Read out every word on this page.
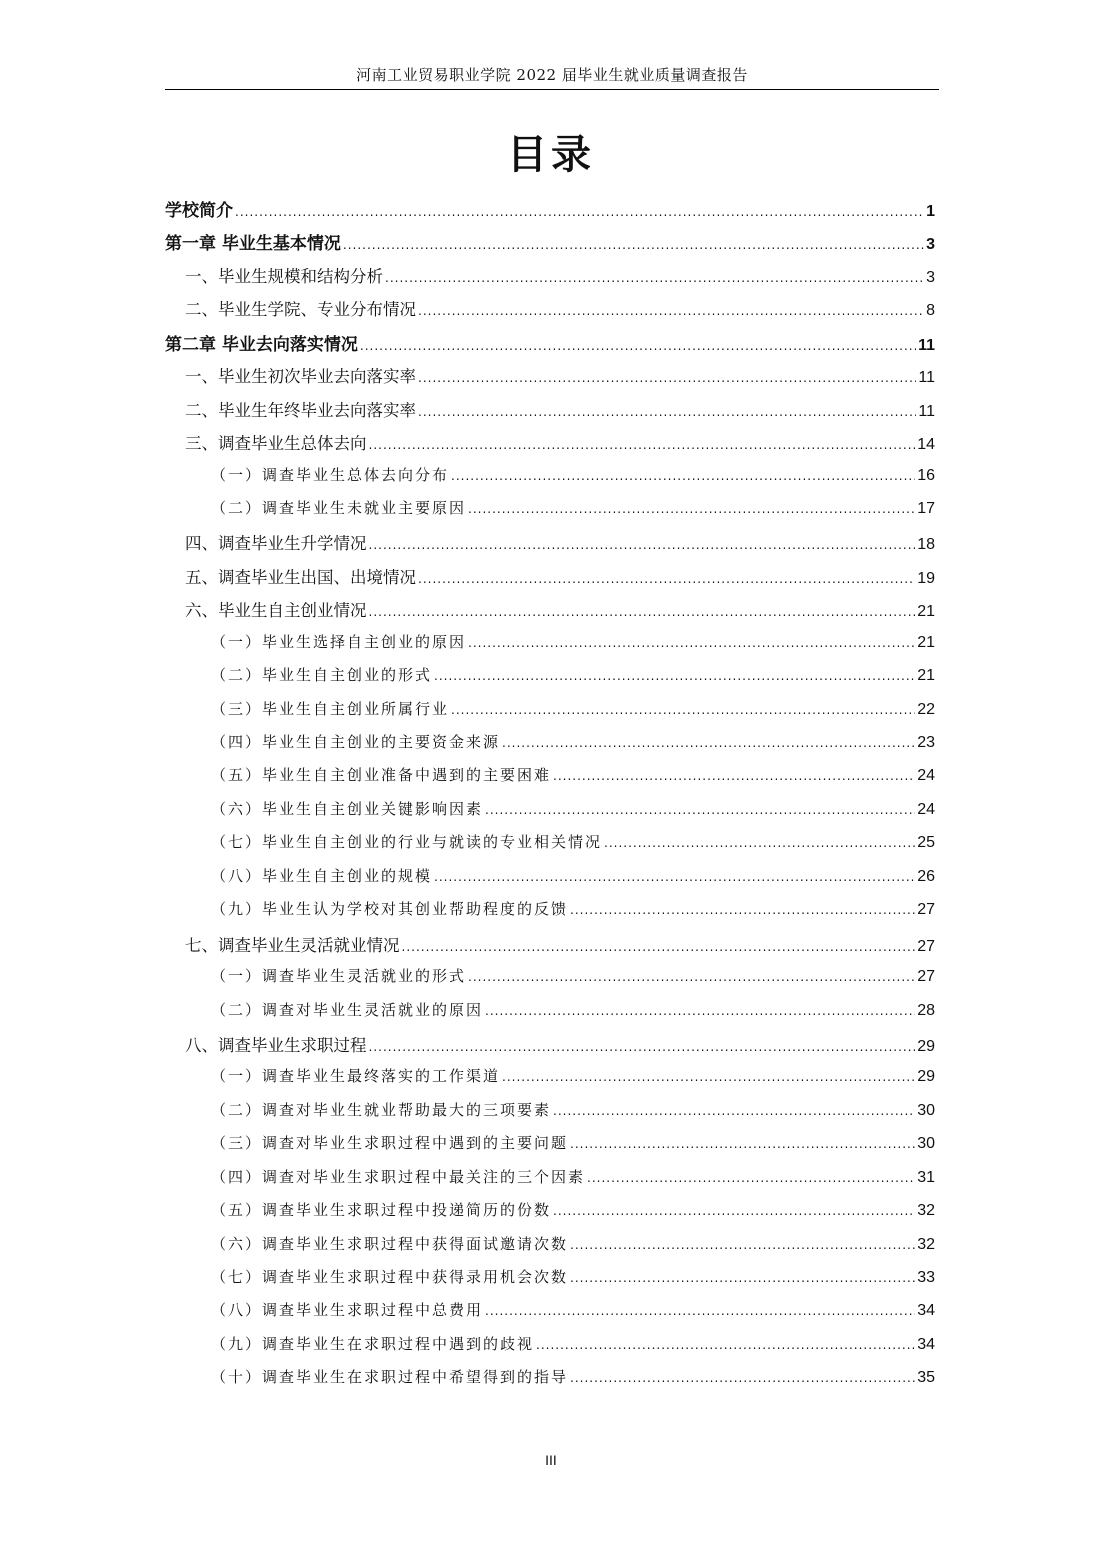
河南工业贸易职业学院 2022 届毕业生就业质量调查报告
目录
学校简介 .....	1
第一章 毕业生基本情况 .....	3
一、毕业生规模和结构分析 .....	3
二、毕业生学院、专业分布情况 .....	8
第二章 毕业去向落实情况 .....	11
一、毕业生初次毕业去向落实率 .....	11
二、毕业生年终毕业去向落实率 .....	11
三、调查毕业生总体去向 .....	14
（一）调查毕业生总体去向分布 .....	16
（二）调查毕业生未就业主要原因 .....	17
四、调查毕业生升学情况 .....	18
五、调查毕业生出国、出境情况 .....	19
六、毕业生自主创业情况 .....	21
（一）毕业生选择自主创业的原因 .....	21
（二）毕业生自主创业的形式 .....	21
（三）毕业生自主创业所属行业 .....	22
（四）毕业生自主创业的主要资金来源 .....	23
（五）毕业生自主创业准备中遇到的主要困难 .....	24
（六）毕业生自主创业关键影响因素 .....	24
（七）毕业生自主创业的行业与就读的专业相关情况 .....	25
（八）毕业生自主创业的规模 .....	26
（九）毕业生认为学校对其创业帮助程度的反馈 .....	27
七、调查毕业生灵活就业情况 .....	27
（一）调查毕业生灵活就业的形式 .....	27
（二）调查对毕业生灵活就业的原因 .....	28
八、调查毕业生求职过程 .....	29
（一）调查毕业生最终落实的工作渠道 .....	29
（二）调查对毕业生就业帮助最大的三项要素 .....	30
（三）调查对毕业生求职过程中遇到的主要问题 .....	30
（四）调查对毕业生求职过程中最关注的三个因素 .....	31
（五）调查毕业生求职过程中投递简历的份数 .....	32
（六）调查毕业生求职过程中获得面试邀请次数 .....	32
（七）调查毕业生求职过程中获得录用机会次数 .....	33
（八）调查毕业生求职过程中总费用 .....	34
（九）调查毕业生在求职过程中遇到的歧视 .....	34
（十）调查毕业生在求职过程中希望得到的指导 .....	35
III
